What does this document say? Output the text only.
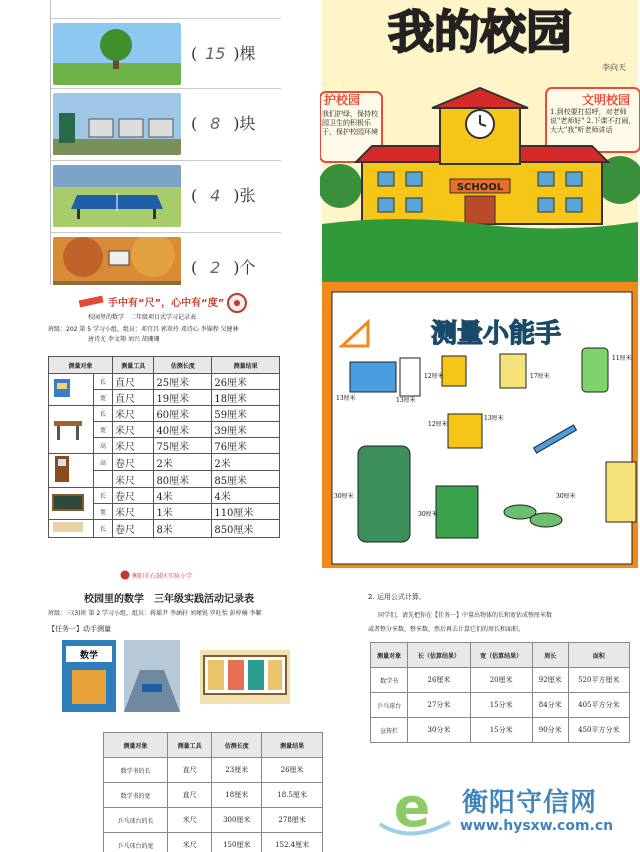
( 15 )棵
( 8 )块
( 4 )张
( 2 )个
手中有“尺”，心中有“度”
校园里的数学　二年级项目式学习记录表
班级：202 第 5 学习小组，组员：邓宜昌 郭翠玲 邓诗心 李锦程 吴健林
唐诗尤 李文翔 刘兴 胡珊珊
测量对象		测量工具	估测长度	测量结果
	长	直尺	25厘米	26厘米
	宽	直尺	19厘米	18厘米
	长	米尺	60厘米	59厘米
	宽	米尺	40厘米	39厘米
	高	米尺	75厘米	76厘米
	高	卷尺	2米	2米
		米尺	80厘米	85厘米
	长	卷尺	4米	4米
	宽	米尺	1米	110厘米
	长	卷尺	8米	850厘米
我的校园
李向天
护校园
我们护绿，保持校园卫生的积极乐于，保护校园环境
文明校园
1.到校要打招呼，对老师说"老师好" 2.下课不打闹，大大"我"听老师讲话
SCHOOL
测量小能手
13厘米	13厘米
12厘米	17厘米
11厘米
30厘米
12厘米
13厘米
30厘米
30厘米
衡阳市石鼓区实验小学
校园里的数学　三年级实践活动记录表
班级：三(3)班 第 2 学习小组，组员：蒋瑶尹 李涵轩 刘瑾锐 罗旺怡 彭梓楠 李颖
【任务一】动手测量
数学
测量对象	测量工具	估测长度	测量结果
数学书的长	直尺	23厘米	26厘米
数学书的宽	直尺	18厘米	18.5厘米
乒乓球台的长	米尺	300厘米	278厘米
乒乓球台的宽	米尺	150厘米	152.4厘米
2. 运用公式计算。
同学们，请先把你在【任务一】中量出物体的长和宽估成整厘米数
或者整分米数，整米数，然后再去计算它们的周长和面积。
测量对象	长（估算结果）	宽（估算结果）	周长	面积
数学书	26厘米	20厘米	92厘米	520平方厘米
乒乓球台	27分米	15分米	84分米	405平方分米
宣传栏	30分米	15分米	90分米	450平方分米
e 衡阳守信网
www.hysxw.com.cn
